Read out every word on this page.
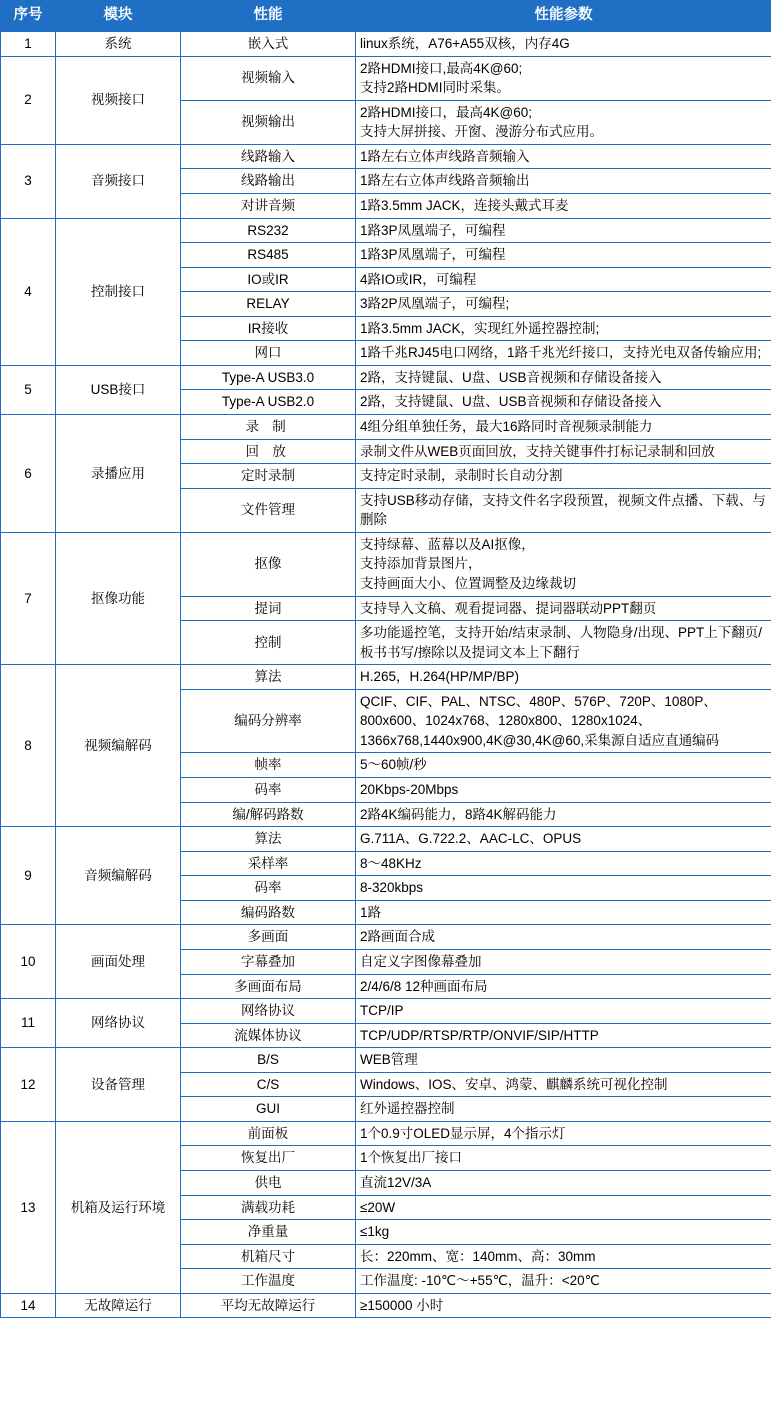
序号	模块	性能	性能参数
1	系统	嵌入式	linux系统，A76+A55双核，内存4G
2	视频接口	视频输入	2路HDMI接口,最高4K@60;
支持2路HDMI同时采集。
		视频输出	2路HDMI接口，最高4K@60;
支持大屏拼接、开窗、漫游分布式应用。
3	音频接口	线路输入	1路左右立体声线路音频输入
		线路输出	1路左右立体声线路音频输出
		对讲音频	1路3.5mm JACK，连接头戴式耳麦
4	控制接口	RS232	1路3P凤凰端子，可编程
		RS485	1路3P凤凰端子，可编程
		IO或IR	4路IO或IR，可编程
		RELAY	3路2P凤凰端子，可编程;
		IR接收	1路3.5mm JACK，实现红外遥控器控制;
		网口	1路千兆RJ45电口网络，1路千兆光纤接口，支持光电双备传输应用;
5	USB接口	Type-A USB3.0	2路，支持键鼠、U盘、USB音视频和存储设备接入
		Type-A USB2.0	2路，支持键鼠、U盘、USB音视频和存储设备接入
6	录播应用	录 制	4组分组单独任务，最大16路同时音视频录制能力
		回 放	录制文件从WEB页面回放，支持关键事件打标记录制和回放
		定时录制	支持定时录制，录制时长自动分割
		文件管理	支持USB移动存储，支持文件名字段预置，视频文件点播、下载、与删除
7	抠像功能	抠像	支持绿幕、蓝幕以及AI抠像，
支持添加背景图片，
支持画面大小、位置调整及边缘裁切
		提词	支持导入文稿、观看提词器、提词器联动PPT翻页
		控制	多功能遥控笔，支持开始/结束录制、人物隐身/出现、PPT上下翻页/板书书写/擦除以及提词文本上下翻行
8	视频编解码	算法	H.265，H.264(HP/MP/BP)
		编码分辨率	QCIF、CIF、PAL、NTSC、480P、576P、720P、1080P、800x600、1024x768、1280x800、1280x1024、1366x768,1440x900,4K@30,4K@60,采集源自适应直通编码
		帧率	5～60帧/秒
		码率	20Kbps-20Mbps
		编/解码路数	2路4K编码能力，8路4K解码能力
9	音频编解码	算法	G.711A、G.722.2、AAC-LC、OPUS
		采样率	8～48KHz
		码率	8-320kbps
		编码路数	1路
10	画面处理	多画面	2路画面合成
		字幕叠加	自定义字图像幕叠加
		多画面布局	2/4/6/8 12种画面布局
11	网络协议	网络协议	TCP/IP
		流媒体协议	TCP/UDP/RTSP/RTP/ONVIF/SIP/HTTP
12	设备管理	B/S	WEB管理
		C/S	Windows、IOS、安卓、鸿蒙、麒麟系统可视化控制
		GUI	红外遥控器控制
13	机箱及运行环境	前面板	1个0.9寸OLED显示屏，4个指示灯
		恢复出厂	1个恢复出厂接口
		供电	直流12V/3A
		满载功耗	≤20W
		净重量	≤1kg
		机箱尺寸	长：220mm、宽：140mm、高：30mm
		工作温度	工作温度: -10℃～+55℃，温升：<20℃
14	无故障运行	平均无故障运行	≥150000 小时
